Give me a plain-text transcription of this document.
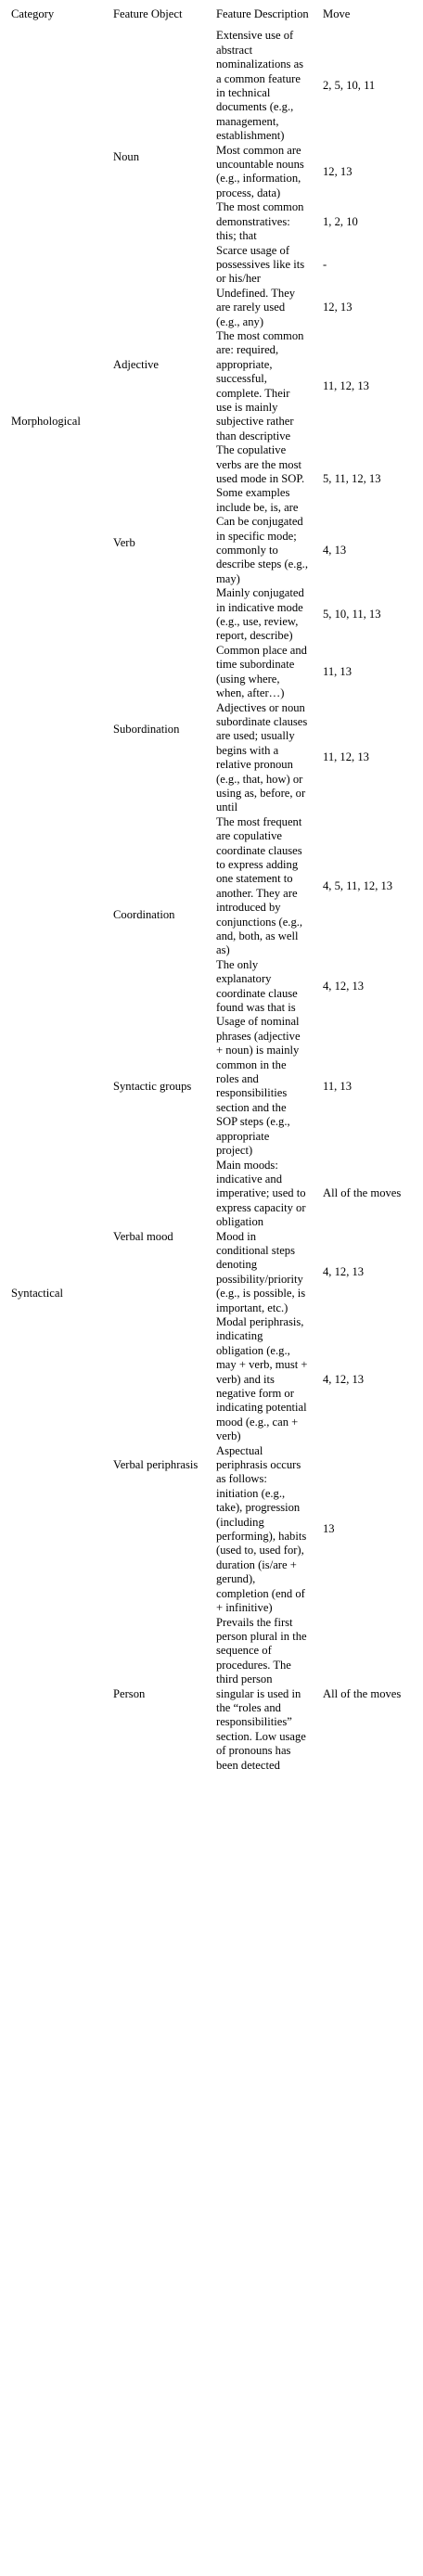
Category	Feature Object	Feature Description	Move
Morphological	Noun	Extensive use of abstract nominalizations as a common feature in technical documents (e.g., management, establishment)	2, 5, 10, 11
		Most common are uncountable nouns (e.g., information, process, data)	12, 13
		The most common demonstratives: this; that	1, 2, 10
		Scarce usage of possessives like its or his/her	-
	Adjective	Undefined. They are rarely used (e.g., any)	12, 13
		The most common are: required, appropriate, successful, complete. Their use is mainly subjective rather than descriptive	11, 12, 13
	Verb	The copulative verbs are the most used mode in SOP. Some examples include be, is, are	5, 11, 12, 13
		Can be conjugated in specific mode; commonly to describe steps (e.g., may)	4, 13
		Mainly conjugated in indicative mode (e.g., use, review, report, describe)	5, 10, 11, 13
	Subordination	Common place and time subordinate (using where, when, after…)	11, 13
		Adjectives or noun subordinate clauses are used; usually begins with a relative pronoun (e.g., that, how) or using as, before, or until	11, 12, 13
Syntactical	Coordination	The most frequent are copulative coordinate clauses to express adding one statement to another. They are introduced by conjunctions (e.g., and, both, as well as)	4, 5, 11, 12, 13
		The only explanatory coordinate clause found was that is	4, 12, 13
	Syntactic groups	Usage of nominal phrases (adjective + noun) is mainly common in the roles and responsibilities section and the SOP steps (e.g., appropriate project)	11, 13
	Verbal mood	Main moods: indicative and imperative; used to express capacity or obligation	All of the moves
		Mood in conditional steps denoting possibility/priority (e.g., is possible, is important, etc.)	4, 12, 13
	Verbal periphrasis	Modal periphrasis, indicating obligation (e.g., may + verb, must + verb) and its negative form or indicating potential mood (e.g., can + verb)	4, 12, 13
		Aspectual periphrasis occurs as follows: initiation (e.g., take), progression (including performing), habits (used to, used for), duration (is/are + gerund), completion (end of + infinitive)	13
	Person	Prevails the first person plural in the sequence of procedures. The third person singular is used in the “roles and responsibilities” section. Low usage of pronouns has been detected	All of the moves
